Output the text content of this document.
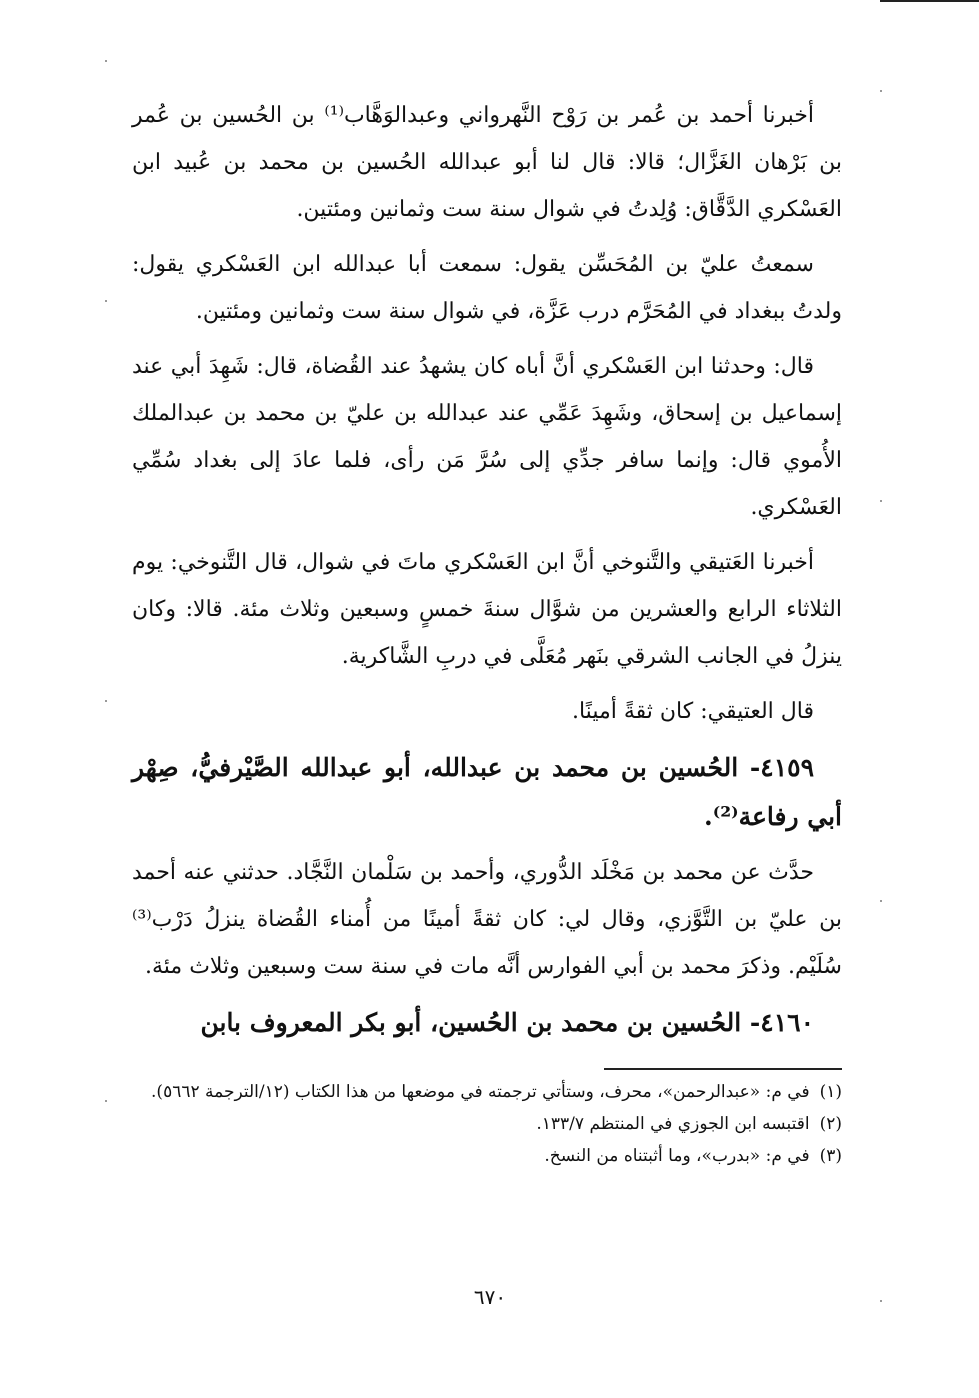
أخبرنا أحمد بن عُمر بن رَوْح النَّهرواني وعبدالوَهَّاب⁽¹⁾ بن الحُسين بن عُمر بن بَرْهان الغَزَّال؛ قالا: قال لنا أبو عبدالله الحُسين بن محمد بن عُبيد ابن العَسْكري الدَّقَّاق: وُلِدتُ في شوال سنة ست وثمانين ومئتين.

سمعتُ عليّ بن المُحَسِّن يقول: سمعت أبا عبدالله ابن العَسْكري يقول: ولدتُ ببغداد في المُحَرَّم درب عَزَّة، في شوال سنة ست وثمانين ومئتين.

قال: وحدثنا ابن العَسْكري أنَّ أباه كان يشهدُ عند القُضاة، قال: شَهِدَ أبي عند إسماعيل بن إسحاق، وشَهِدَ عَمِّي عند عبدالله بن عليّ بن محمد بن عبدالملك الأُموي قال: وإنما سافر جدِّي إلى سُرَّ مَن رأى، فلما عادَ إلى بغداد سُمِّي العَسْكري.

أخبرنا العَتيقي والتَّنوخي أنَّ ابن العَسْكري ماتَ في شوال، قال التَّنوخي: يوم الثلاثاء الرابع والعشرين من شوَّال سنةَ خمسٍ وسبعين وثلاث مئة. قالا: وكان ينزلُ في الجانب الشرقي بنَهر مُعَلَّى في دربِ الشَّاكرية.

قال العتيقي: كان ثقةً أمينًا.

٤١٥٩- الحُسين بن محمد بن عبدالله، أبو عبدالله الصَّيْرفيُّ، صِهْر أبي رفاعة⁽²⁾.

حدَّث عن محمد بن مَخْلَد الدُّوري، وأحمد بن سَلْمان النَّجَّاد. حدثني عنه أحمد بن عليّ بن التَّوَّزي، وقال لي: كان ثقةً أمينًا من أُمناء القُضاة ينزلُ دَرْب⁽³⁾ سُلَيْم. وذكرَ محمد بن أبي الفوارس أنَّه مات في سنة ست وسبعين وثلاث مئة.

٤١٦٠- الحُسين بن محمد بن الحُسين، أبو بكر المعروف بابن

(١)
في م: «عبدالرحمن»، محرف، وستأتي ترجمته في موضعها من هذا الكتاب (١٢/الترجمة ٥٦٦٢).

(٢)
اقتبسه ابن الجوزي في المنتظم ١٣٣/٧.

(٣)
في م: «بدرب»، وما أثبتناه من النسخ.

٦٧٠
